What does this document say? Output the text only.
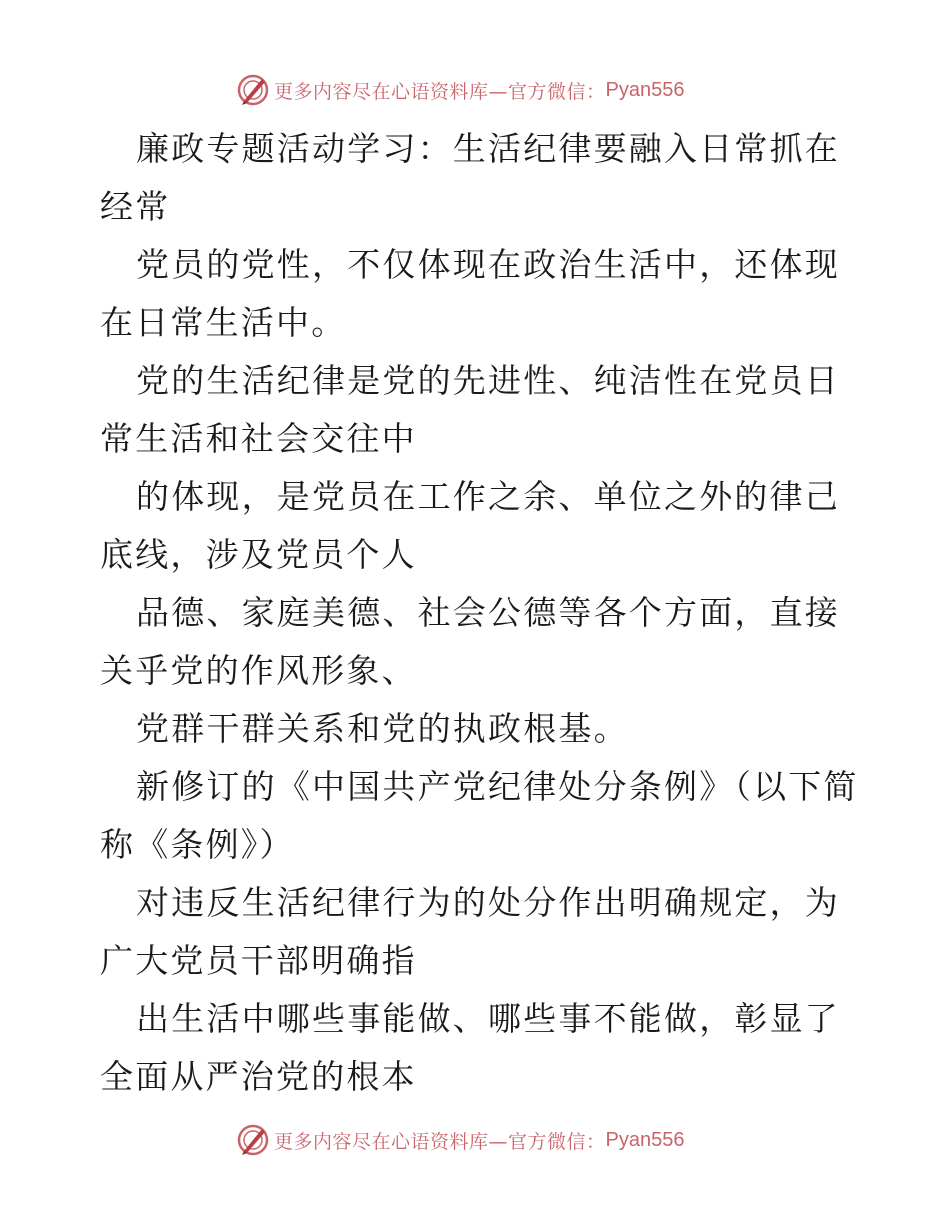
更多内容尽在心语资料库—官方微信： Pyan556

廉政专题活动学习：生活纪律要融入日常抓在经常

党员的党性，不仅体现在政治生活中，还体现在日常生活中。

党的生活纪律是党的先进性、纯洁性在党员日常生活和社会交往中

的体现，是党员在工作之余、单位之外的律己底线，涉及党员个人

品德、家庭美德、社会公德等各个方面，直接关乎党的作风形象、

党群干群关系和党的执政根基。

新修订的《中国共产党纪律处分条例》（以下简称《条例》）

对违反生活纪律行为的处分作出明确规定，为广大党员干部明确指

出生活中哪些事能做、哪些事不能做，彰显了全面从严治党的根本

更多内容尽在心语资料库—官方微信： Pyan556
